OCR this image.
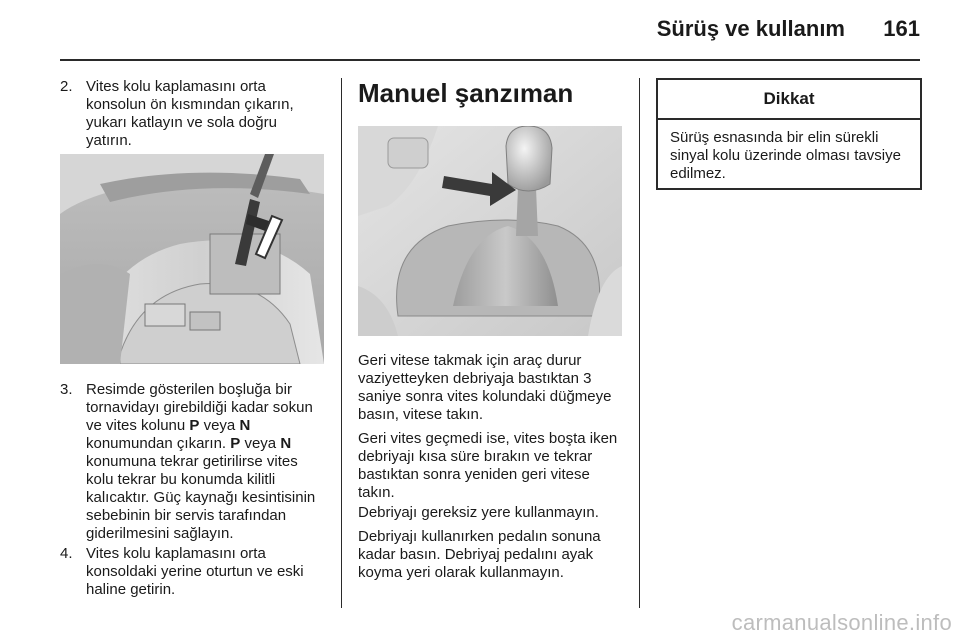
Sürüş ve kullanım 161
2. Vites kolu kaplamasını orta konsolun ön kısmından çıkarın, yukarı katlayın ve sola doğru yatırın.
3. Resimde gösterilen boşluğa bir tornavidayı girebildiği kadar sokun ve vites kolunu P veya N konumundan çıkarın. P veya N konumuna tekrar getirilirse vites kolu tekrar bu konumda kilitli kalıcaktır. Güç kaynağı kesintisinin sebebinin bir servis tarafından giderilmesini sağlayın.
4. Vites kolu kaplamasını orta konsoldaki yerine oturtun ve eski haline getirin.
Manuel şanzıman

Geri vitese takmak için araç durur vaziyetteyken debriyaja bastıktan 3 saniye sonra vites kolundaki düğmeye basın, vitese takın.

Geri vites geçmedi ise, vites boşta iken debriyajı kısa süre bırakın ve tekrar bastıktan sonra yeniden geri vitese takın.

Debriyajı gereksiz yere kullanmayın.

Debriyajı kullanırken pedalın sonuna kadar basın. Debriyaj pedalını ayak koyma yeri olarak kullanmayın.

Dikkat
Sürüş esnasında bir elin sürekli sinyal kolu üzerinde olması tavsiye edilmez.
carmanualsonline.info
